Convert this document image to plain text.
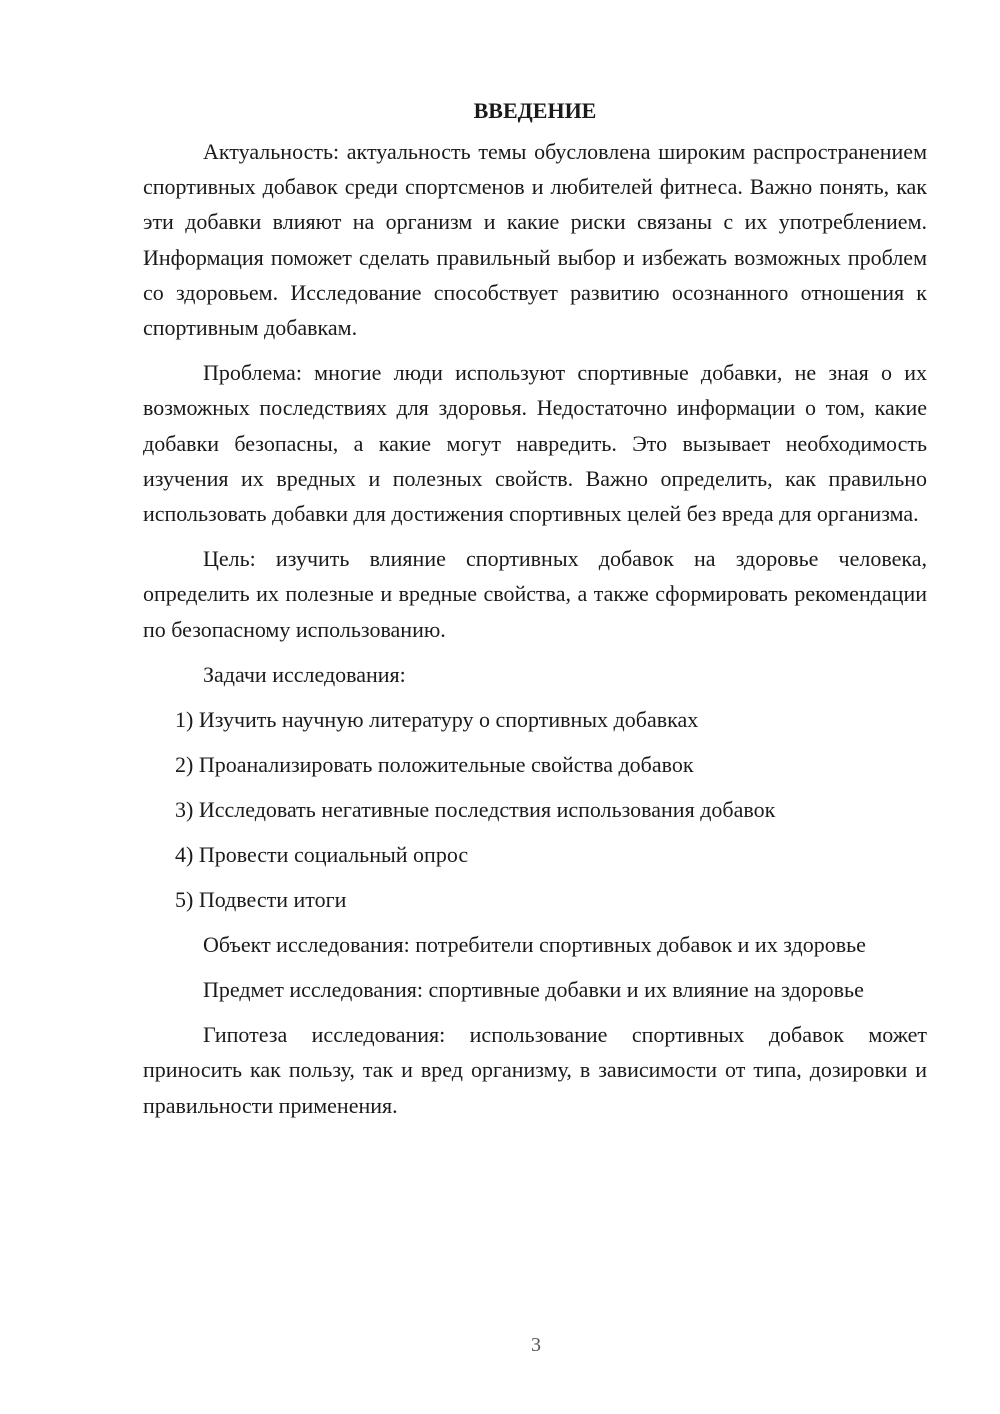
ВВЕДЕНИЕ

Актуальность: актуальность темы обусловлена широким распространением спортивных добавок среди спортсменов и любителей фитнеса. Важно понять, как эти добавки влияют на организм и какие риски связаны с их употреблением. Информация поможет сделать правильный выбор и избежать возможных проблем со здоровьем. Исследование способствует развитию осознанного отношения к спортивным добавкам.

Проблема: многие люди используют спортивные добавки, не зная о их возможных последствиях для здоровья. Недостаточно информации о том, какие добавки безопасны, а какие могут навредить. Это вызывает необходимость изучения их вредных и полезных свойств. Важно определить, как правильно использовать добавки для достижения спортивных целей без вреда для организма.

Цель: изучить влияние спортивных добавок на здоровье человека, определить их полезные и вредные свойства, а также сформировать рекомендации по безопасному использованию.

Задачи исследования:

1) Изучить научную литературу о спортивных добавках
2) Проанализировать положительные свойства добавок
3) Исследовать негативные последствия использования добавок
4) Провести социальный опрос
5) Подвести итоги

Объект исследования: потребители спортивных добавок и их здоровье

Предмет исследования: спортивные добавки и их влияние на здоровье

Гипотеза исследования: использование спортивных добавок может приносить как пользу, так и вред организму, в зависимости от типа, дозировки и правильности применения.

3
